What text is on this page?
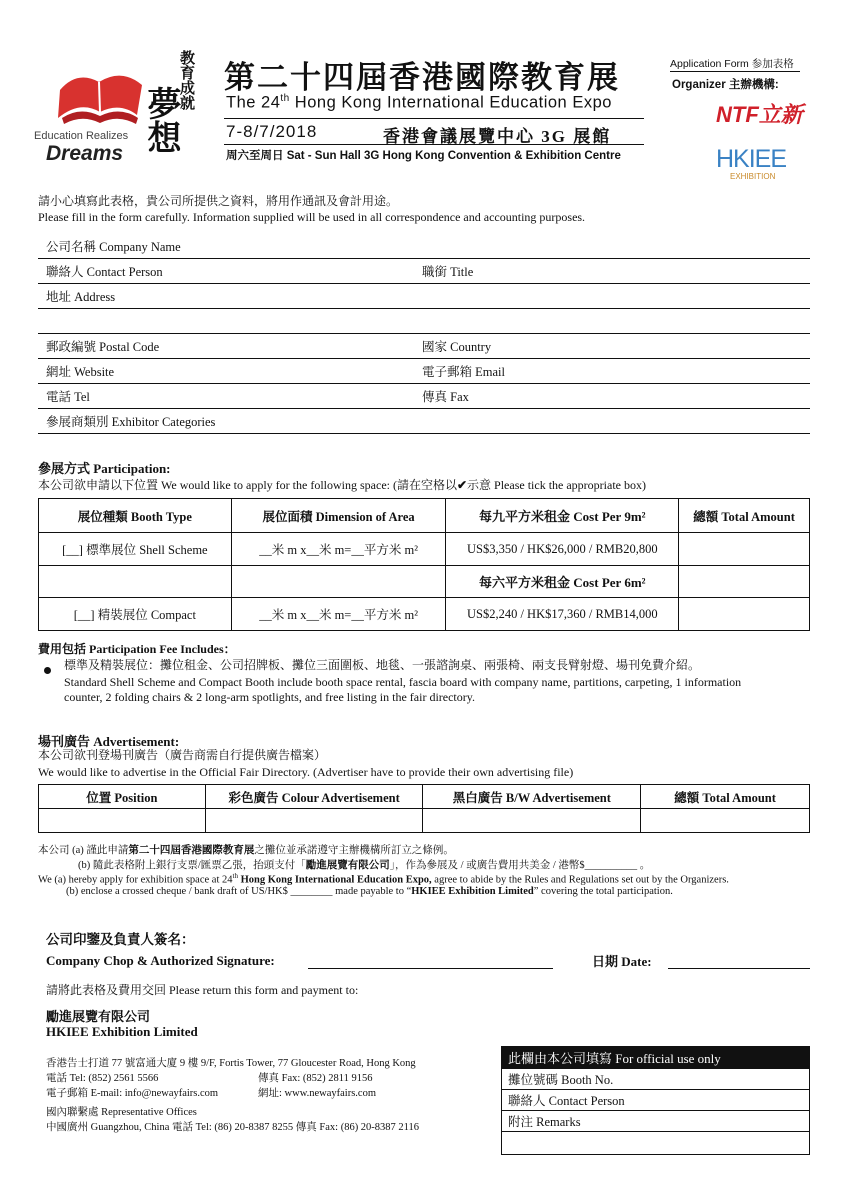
教育成就
夢想
Education Realizes
Dreams
第二十四屆香港國際教育展
The 24th Hong Kong International Education Expo
7-8/7/2018	香港會議展覽中心 3G 展館
周六至周日 Sat - Sun Hall 3G Hong Kong Convention & Exhibition Centre
Application Form 参加表格
Organizer 主辦機構:
NTF立新
HKIEE
EXHIBITION
請小心填寫此表格，貴公司所提供之資料，將用作通訊及會計用途。
Please fill in the form carefully. Information supplied will be used in all correspondence and accounting purposes.
公司名稱 Company Name
聯絡人 Contact Person	職銜 Title
地址 Address
郵政編號 Postal Code	國家 Country
網址 Website	電子郵箱 Email
電話 Tel	傳真 Fax
參展商類別 Exhibitor Categories
參展方式 Participation:
本公司欲申請以下位置 We would like to apply for the following space: (請在空格以✔示意 Please tick the appropriate box)
展位種類 Booth Type	展位面積 Dimension of Area	每九平方米租金 Cost Per 9m²	總額 Total Amount
[__] 標準展位 Shell Scheme	__米 m x__米 m=__平方米 m²	US$3,350 / HK$26,000 / RMB20,800	
		每六平方米租金 Cost Per 6m²	
[__] 精裝展位 Compact	__米 m x__米 m=__平方米 m²	US$2,240 / HK$17,360 / RMB14,000	
費用包括 Participation Fee Includes：
標準及精裝展位：攤位租金、公司招牌板、攤位三面圍板、地毯、一張諮詢桌、兩張椅、兩支長臂射燈、場刊免費介紹。
Standard Shell Scheme and Compact Booth include booth space rental, fascia board with company name, partitions, carpeting, 1 information
counter, 2 folding chairs & 2 long-arm spotlights, and free listing in the fair directory.
場刊廣告 Advertisement:
本公司欲刊登場刊廣告（廣告商需自行提供廣告檔案）
We would like to advertise in the Official Fair Directory. (Advertiser have to provide their own advertising file)
位置 Position	彩色廣告 Colour Advertisement	黑白廣告 B/W Advertisement	總額 Total Amount

本公司 (a) 謹此申請第二十四屆香港國際教育展之攤位並承諾遵守主辦機構所訂立之條例。
(b) 隨此表格附上銀行支票/匯票乙張，抬頭支付「勵進展覽有限公司」，作為參展及 / 或廣告費用共美金 / 港幣$__________ 。
We (a) hereby apply for exhibition space at 24th Hong Kong International Education Expo, agree to abide by the Rules and Regulations set out by the Organizers.
(b) enclose a crossed cheque / bank draft of US/HK$ ________ made payable to “HKIEE Exhibition Limited” covering the total participation.
公司印鑒及負責人簽名：
Company Chop & Authorized Signature:	日期 Date:
請將此表格及費用交回 Please return this form and payment to:
勵進展覽有限公司
HKIEE Exhibition Limited
香港告士打道 77 號富通大廈 9 樓 9/F, Fortis Tower, 77 Gloucester Road, Hong Kong
電話 Tel: (852) 2561 5566	傳真 Fax: (852) 2811 9156
電子郵箱 E-mail: info@newayfairs.com	網址: www.newayfairs.com
國內聯繫處 Representative Offices
中國廣州 Guangzhou, China 電話 Tel: (86) 20-8387 8255 傳真 Fax: (86) 20-8387 2116
此欄由本公司填寫 For official use only
攤位號碼 Booth No.
聯絡人 Contact Person
附注 Remarks
